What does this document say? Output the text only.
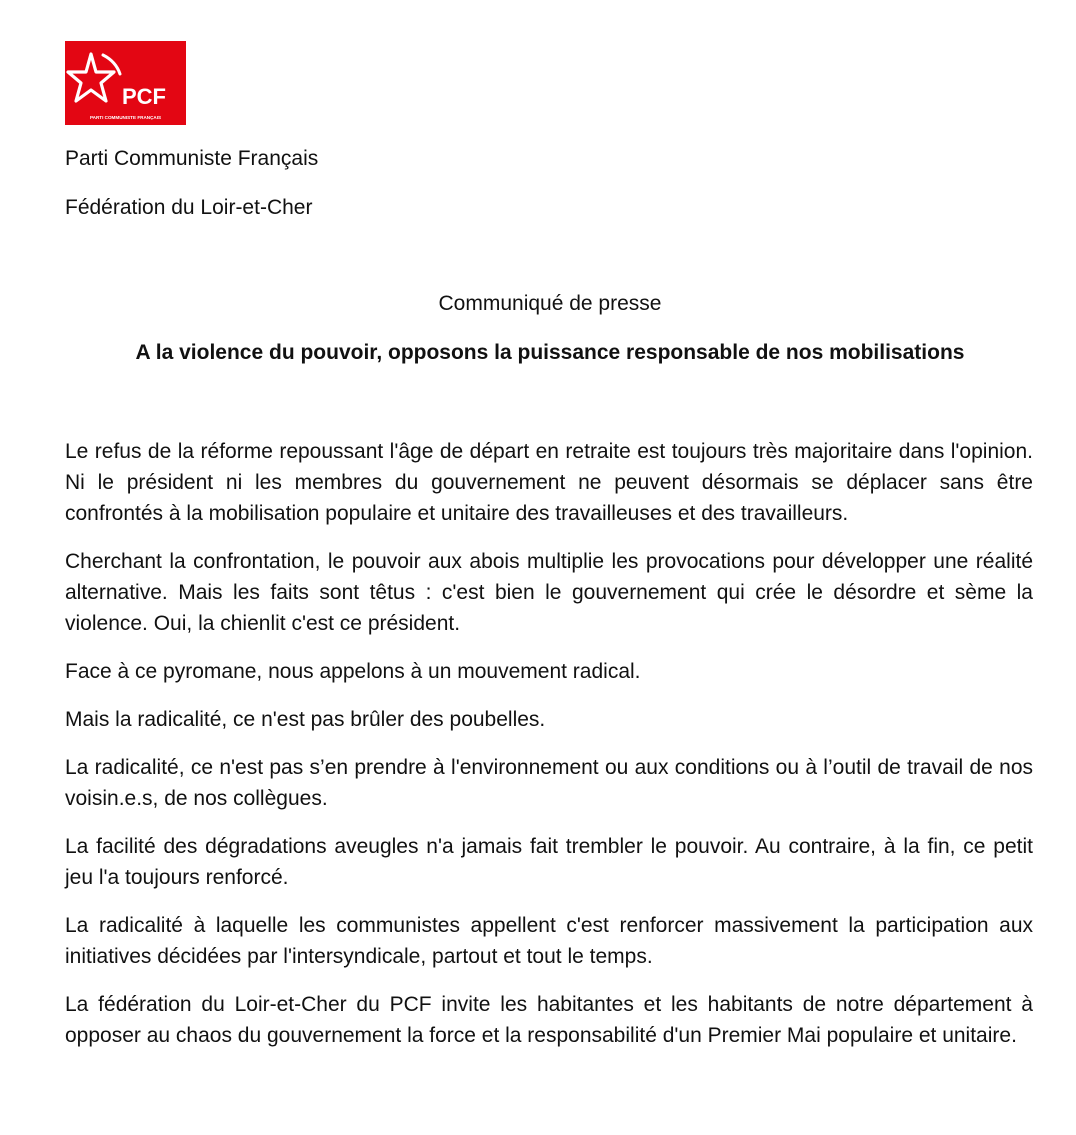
PCF
PARTI COMMUNISTE FRANÇAIS
Parti Communiste Français
Fédération du Loir-et-Cher
Communiqué de presse
A la violence du pouvoir, opposons la puissance responsable de nos mobilisations

Le refus de la réforme repoussant l'âge de départ en retraite est toujours très majoritaire dans l'opinion. Ni le président ni les membres du gouvernement ne peuvent désormais se déplacer sans être confrontés à la mobilisation populaire et unitaire des travailleuses et des travailleurs.

Cherchant la confrontation, le pouvoir aux abois multiplie les provocations pour développer une réalité alternative. Mais les faits sont têtus : c'est bien le gouvernement qui crée le désordre et sème la violence. Oui, la chienlit c'est ce président.

Face à ce pyromane, nous appelons à un mouvement radical.

Mais la radicalité, ce n'est pas brûler des poubelles.

La radicalité, ce n'est pas s’en prendre à l'environnement ou aux conditions ou à l’outil de travail de nos voisin.e.s, de nos collègues.

La facilité des dégradations aveugles n'a jamais fait trembler le pouvoir. Au contraire, à la fin, ce petit jeu l'a toujours renforcé.

La radicalité à laquelle les communistes appellent c'est renforcer massivement la participation aux initiatives décidées par l'intersyndicale, partout et tout le temps.

La fédération du Loir-et-Cher du PCF invite les habitantes et les habitants de notre département à opposer au chaos du gouvernement la force et la responsabilité d'un Premier Mai populaire et unitaire.
